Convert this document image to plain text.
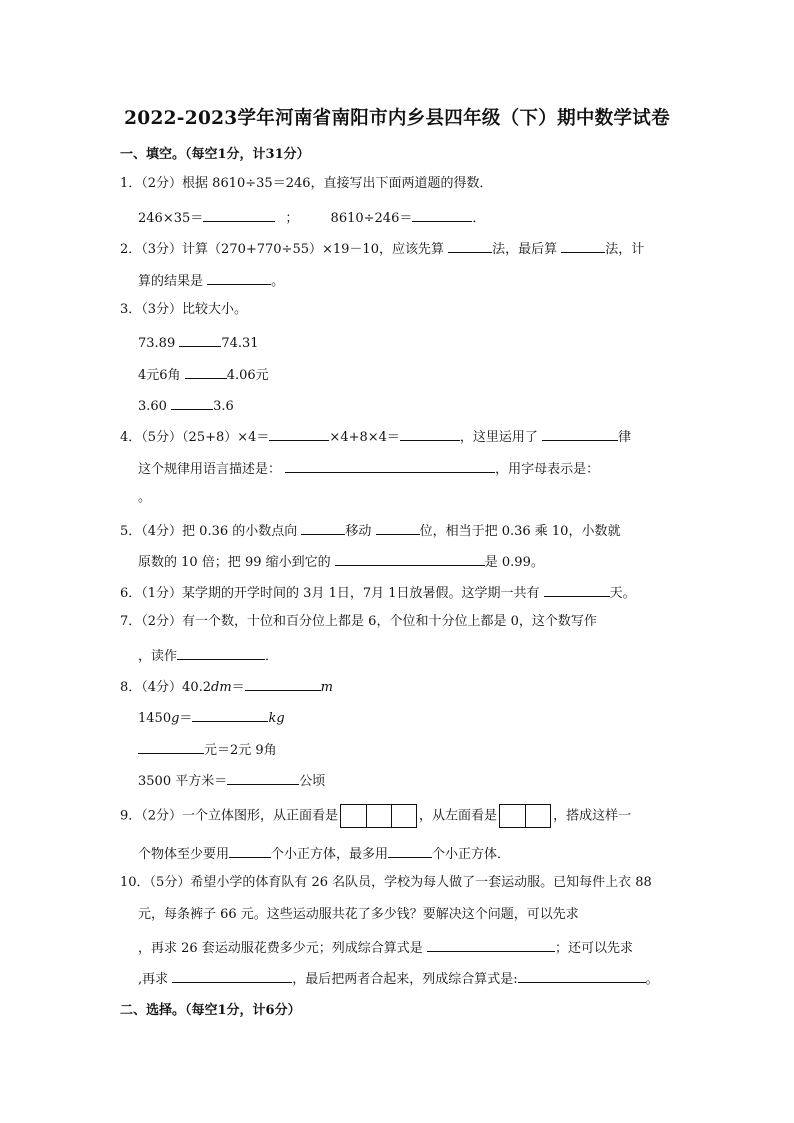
2022-2023学年河南省南阳市内乡县四年级（下）期中数学试卷
一、填空。（每空1分，计31分）
1．（2分）根据 8610÷35＝246，直接写出下面两道题的得数．
246×35＝	； 8610÷246＝	．
2．（3分）计算（270+770÷55）×19－10，应该先算	法，最后算	法，计
算的结果是	。
3．（3分）比较大小。
73.89	74.31
4元6角	4.06元
3.60	3.6
4．（5分）（25+8）×4＝	×4+8×4＝	，这里运用了	律
这个规律用语言描述是：	，用字母表示是：
。
5．（4分）把 0.36 的小数点向	移动	位，相当于把 0.36 乘 10，小数就
原数的 10 倍；把 99 缩小到它的	是 0.99。
6．（1分）某学期的开学时间的 3月 1日，7月 1日放暑假。这学期一共有	天。
7．（2分）有一个数，十位和百分位上都是 6，个位和十分位上都是 0，这个数写作
，读作	．
8．（4分）40.2dm＝	m
1450g＝	kg
元＝2元 9角
3500 平方米＝	公顷
9．（2分）一个立体图形，从正面看是	，从左面看是	，搭成这样一
个物体至少要用	个小正方体，最多用	个小正方体．
10．（5分）希望小学的体育队有 26 名队员，学校为每人做了一套运动服。已知每件上衣 88
元，每条裤子 66 元。这些运动服共花了多少钱？要解决这个问题，可以先求
，再求 26 套运动服花费多少元；列成综合算式是	；还可以先求
,再求	，最后把两者合起来，列成综合算式是:	。
二、选择。（每空1分，计6分）
